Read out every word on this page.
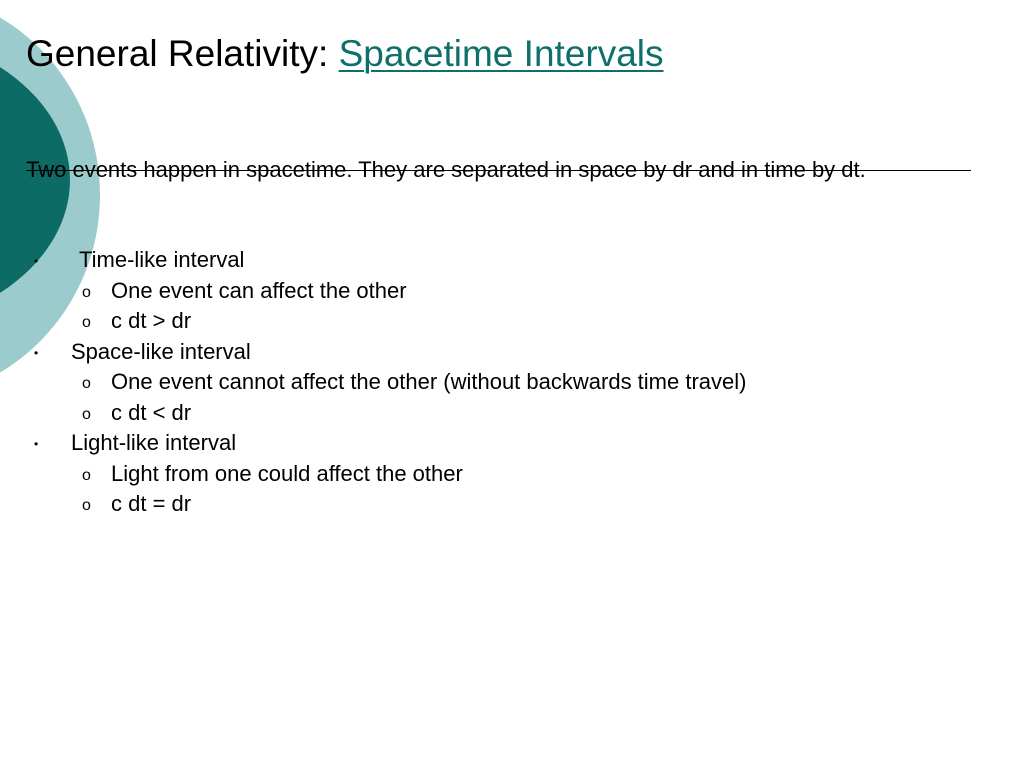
General Relativity: Spacetime Intervals

Two events happen in spacetime. They are separated in space by dr and in time by dt.

• Time-like interval
o One event can affect the other
o c dt > dr
• Space-like interval
o One event cannot affect the other (without backwards time travel)
o c dt < dr
• Light-like interval
o Light from one could affect the other
o c dt = dr
